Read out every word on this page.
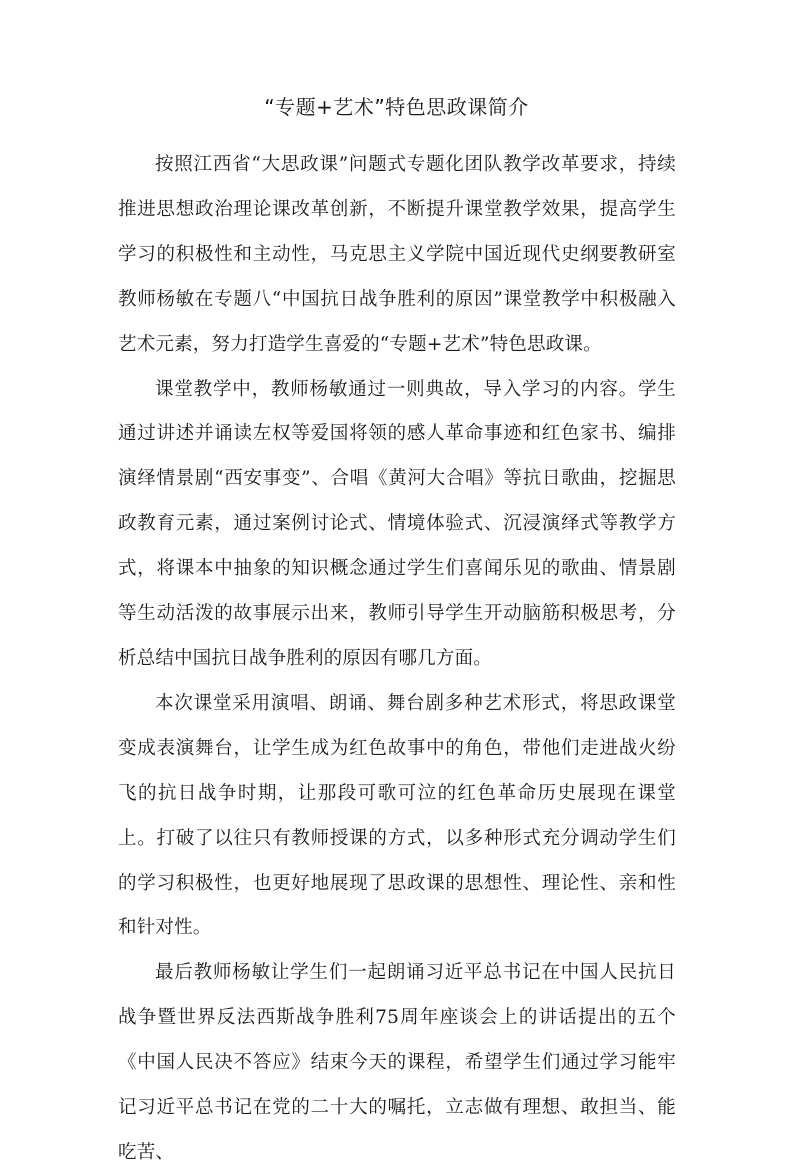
“专题+艺术”特色思政课简介

按照江西省“大思政课”问题式专题化团队教学改革要求，持续推进思想政治理论课改革创新，不断提升课堂教学效果，提高学生学习的积极性和主动性，马克思主义学院中国近现代史纲要教研室教师杨敏在专题八“中国抗日战争胜利的原因”课堂教学中积极融入艺术元素，努力打造学生喜爱的“专题+艺术”特色思政课。

课堂教学中，教师杨敏通过一则典故，导入学习的内容。学生通过讲述并诵读左权等爱国将领的感人革命事迹和红色家书、编排演绎情景剧“西安事变”、合唱《黄河大合唱》等抗日歌曲，挖掘思政教育元素，通过案例讨论式、情境体验式、沉浸演绎式等教学方式，将课本中抽象的知识概念通过学生们喜闻乐见的歌曲、情景剧等生动活泼的故事展示出来，教师引导学生开动脑筋积极思考，分析总结中国抗日战争胜利的原因有哪几方面。

本次课堂采用演唱、朗诵、舞台剧多种艺术形式，将思政课堂变成表演舞台，让学生成为红色故事中的角色，带他们走进战火纷飞的抗日战争时期，让那段可歌可泣的红色革命历史展现在课堂上。打破了以往只有教师授课的方式，以多种形式充分调动学生们的学习积极性，也更好地展现了思政课的思想性、理论性、亲和性和针对性。

最后教师杨敏让学生们一起朗诵习近平总书记在中国人民抗日战争暨世界反法西斯战争胜利75周年座谈会上的讲话提出的五个《中国人民决不答应》结束今天的课程，希望学生们通过学习能牢记习近平总书记在党的二十大的嘱托，立志做有理想、敢担当、能吃苦、
